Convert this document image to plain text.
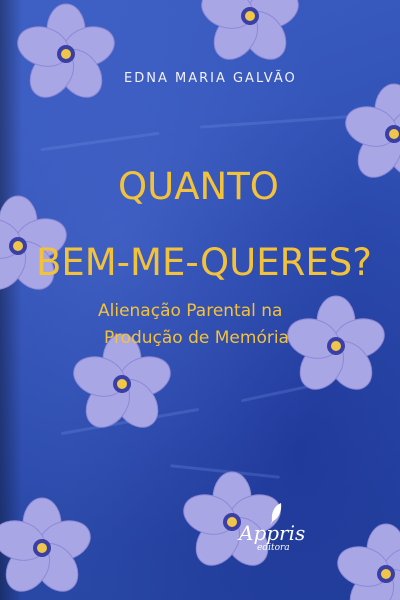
EDNA MARIA GALVÃO
QUANTO
BEM-ME-QUERES?
Alienação Parental na
Produção de Memória
Appris
editora
